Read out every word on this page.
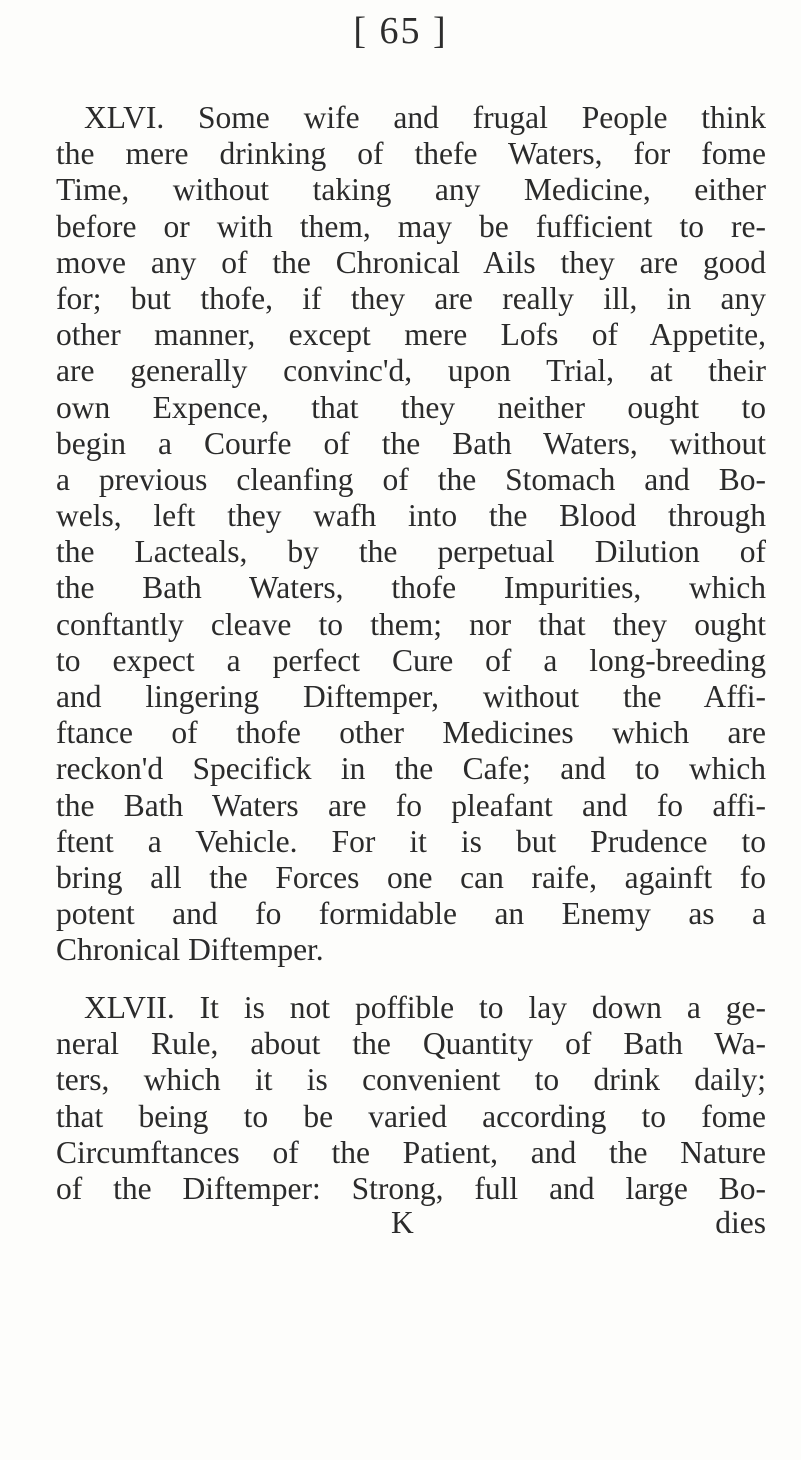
[ 65 ]
XLVI. Some wife and frugal People think
the mere drinking of thefe Waters, for fome
Time, without taking any Medicine, either
before or with them, may be fufficient to re-
move any of the Chronical Ails they are good
for; but thofe, if they are really ill, in any
other manner, except mere Lofs of Appetite,
are generally convinc'd, upon Trial, at their
own Expence, that they neither ought to
begin a Courfe of the Bath Waters, without
a previous cleanfing of the Stomach and Bo-
wels, left they wafh into the Blood through
the Lacteals, by the perpetual Dilution of
the Bath Waters, thofe Impurities, which
conftantly cleave to them; nor that they ought
to expect a perfect Cure of a long-breeding
and lingering Diftemper, without the Affi-
ftance of thofe other Medicines which are
reckon'd Specifick in the Cafe; and to which
the Bath Waters are fo pleafant and fo affi-
ftent a Vehicle. For it is but Prudence to
bring all the Forces one can raife, againft fo
potent and fo formidable an Enemy as a
Chronical Diftemper.
XLVII. It is not poffible to lay down a ge-
neral Rule, about the Quantity of Bath Wa-
ters, which it is convenient to drink daily;
that being to be varied according to fome
Circumftances of the Patient, and the Nature
of the Diftemper: Strong, full and large Bo-
K	dies
